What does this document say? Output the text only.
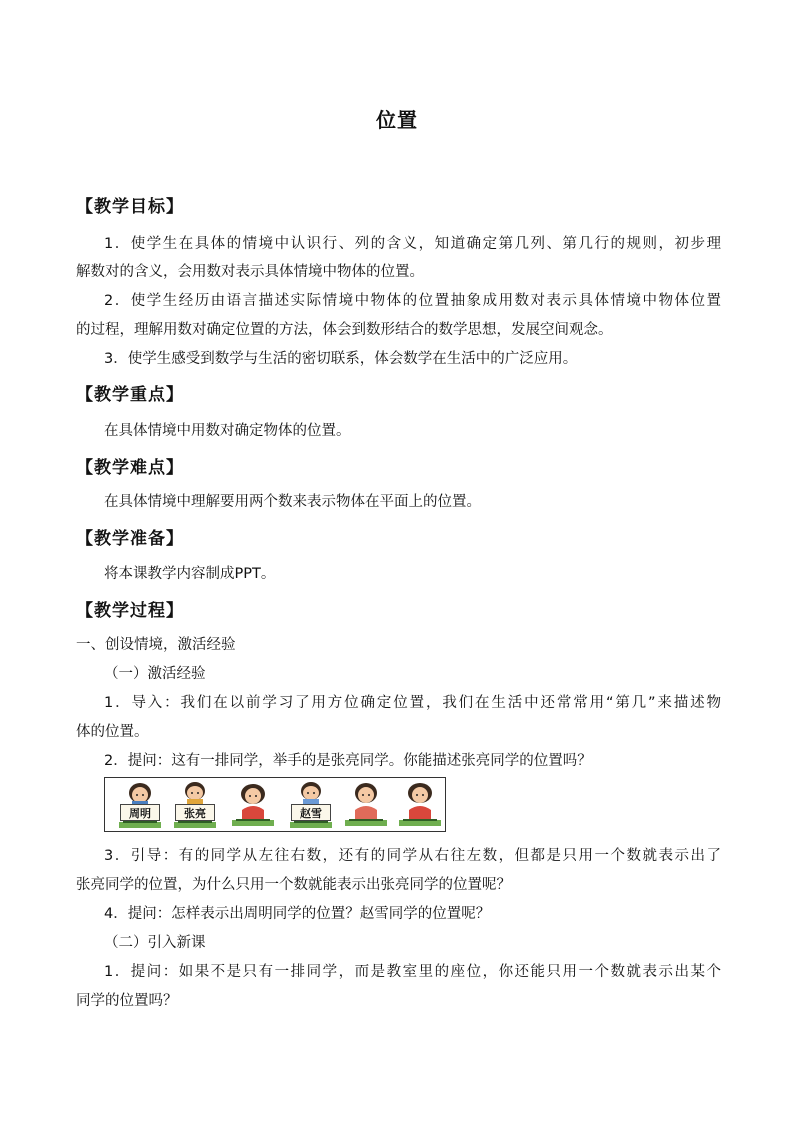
位置
【教学目标】
1．使学生在具体的情境中认识行、列的含义，知道确定第几列、第几行的规则，初步理
解数对的含义，会用数对表示具体情境中物体的位置。
2．使学生经历由语言描述实际情境中物体的位置抽象成用数对表示具体情境中物体位置
的过程，理解用数对确定位置的方法，体会到数形结合的数学思想，发展空间观念。
3．使学生感受到数学与生活的密切联系，体会数学在生活中的广泛应用。
【教学重点】
在具体情境中用数对确定物体的位置。
【教学难点】
在具体情境中理解要用两个数来表示物体在平面上的位置。
【教学准备】
将本课教学内容制成PPT。
【教学过程】
一、创设情境，激活经验
（一）激活经验
1．导入：我们在以前学习了用方位确定位置，我们在生活中还常常用“第几”来描述物
体的位置。
2．提问：这有一排同学，举手的是张亮同学。你能描述张亮同学的位置吗？
周明	张亮	赵雪
3．引导：有的同学从左往右数，还有的同学从右往左数，但都是只用一个数就表示出了
张亮同学的位置，为什么只用一个数就能表示出张亮同学的位置呢？
4．提问：怎样表示出周明同学的位置？赵雪同学的位置呢？
（二）引入新课
1．提问：如果不是只有一排同学，而是教室里的座位，你还能只用一个数就表示出某个
同学的位置吗？
